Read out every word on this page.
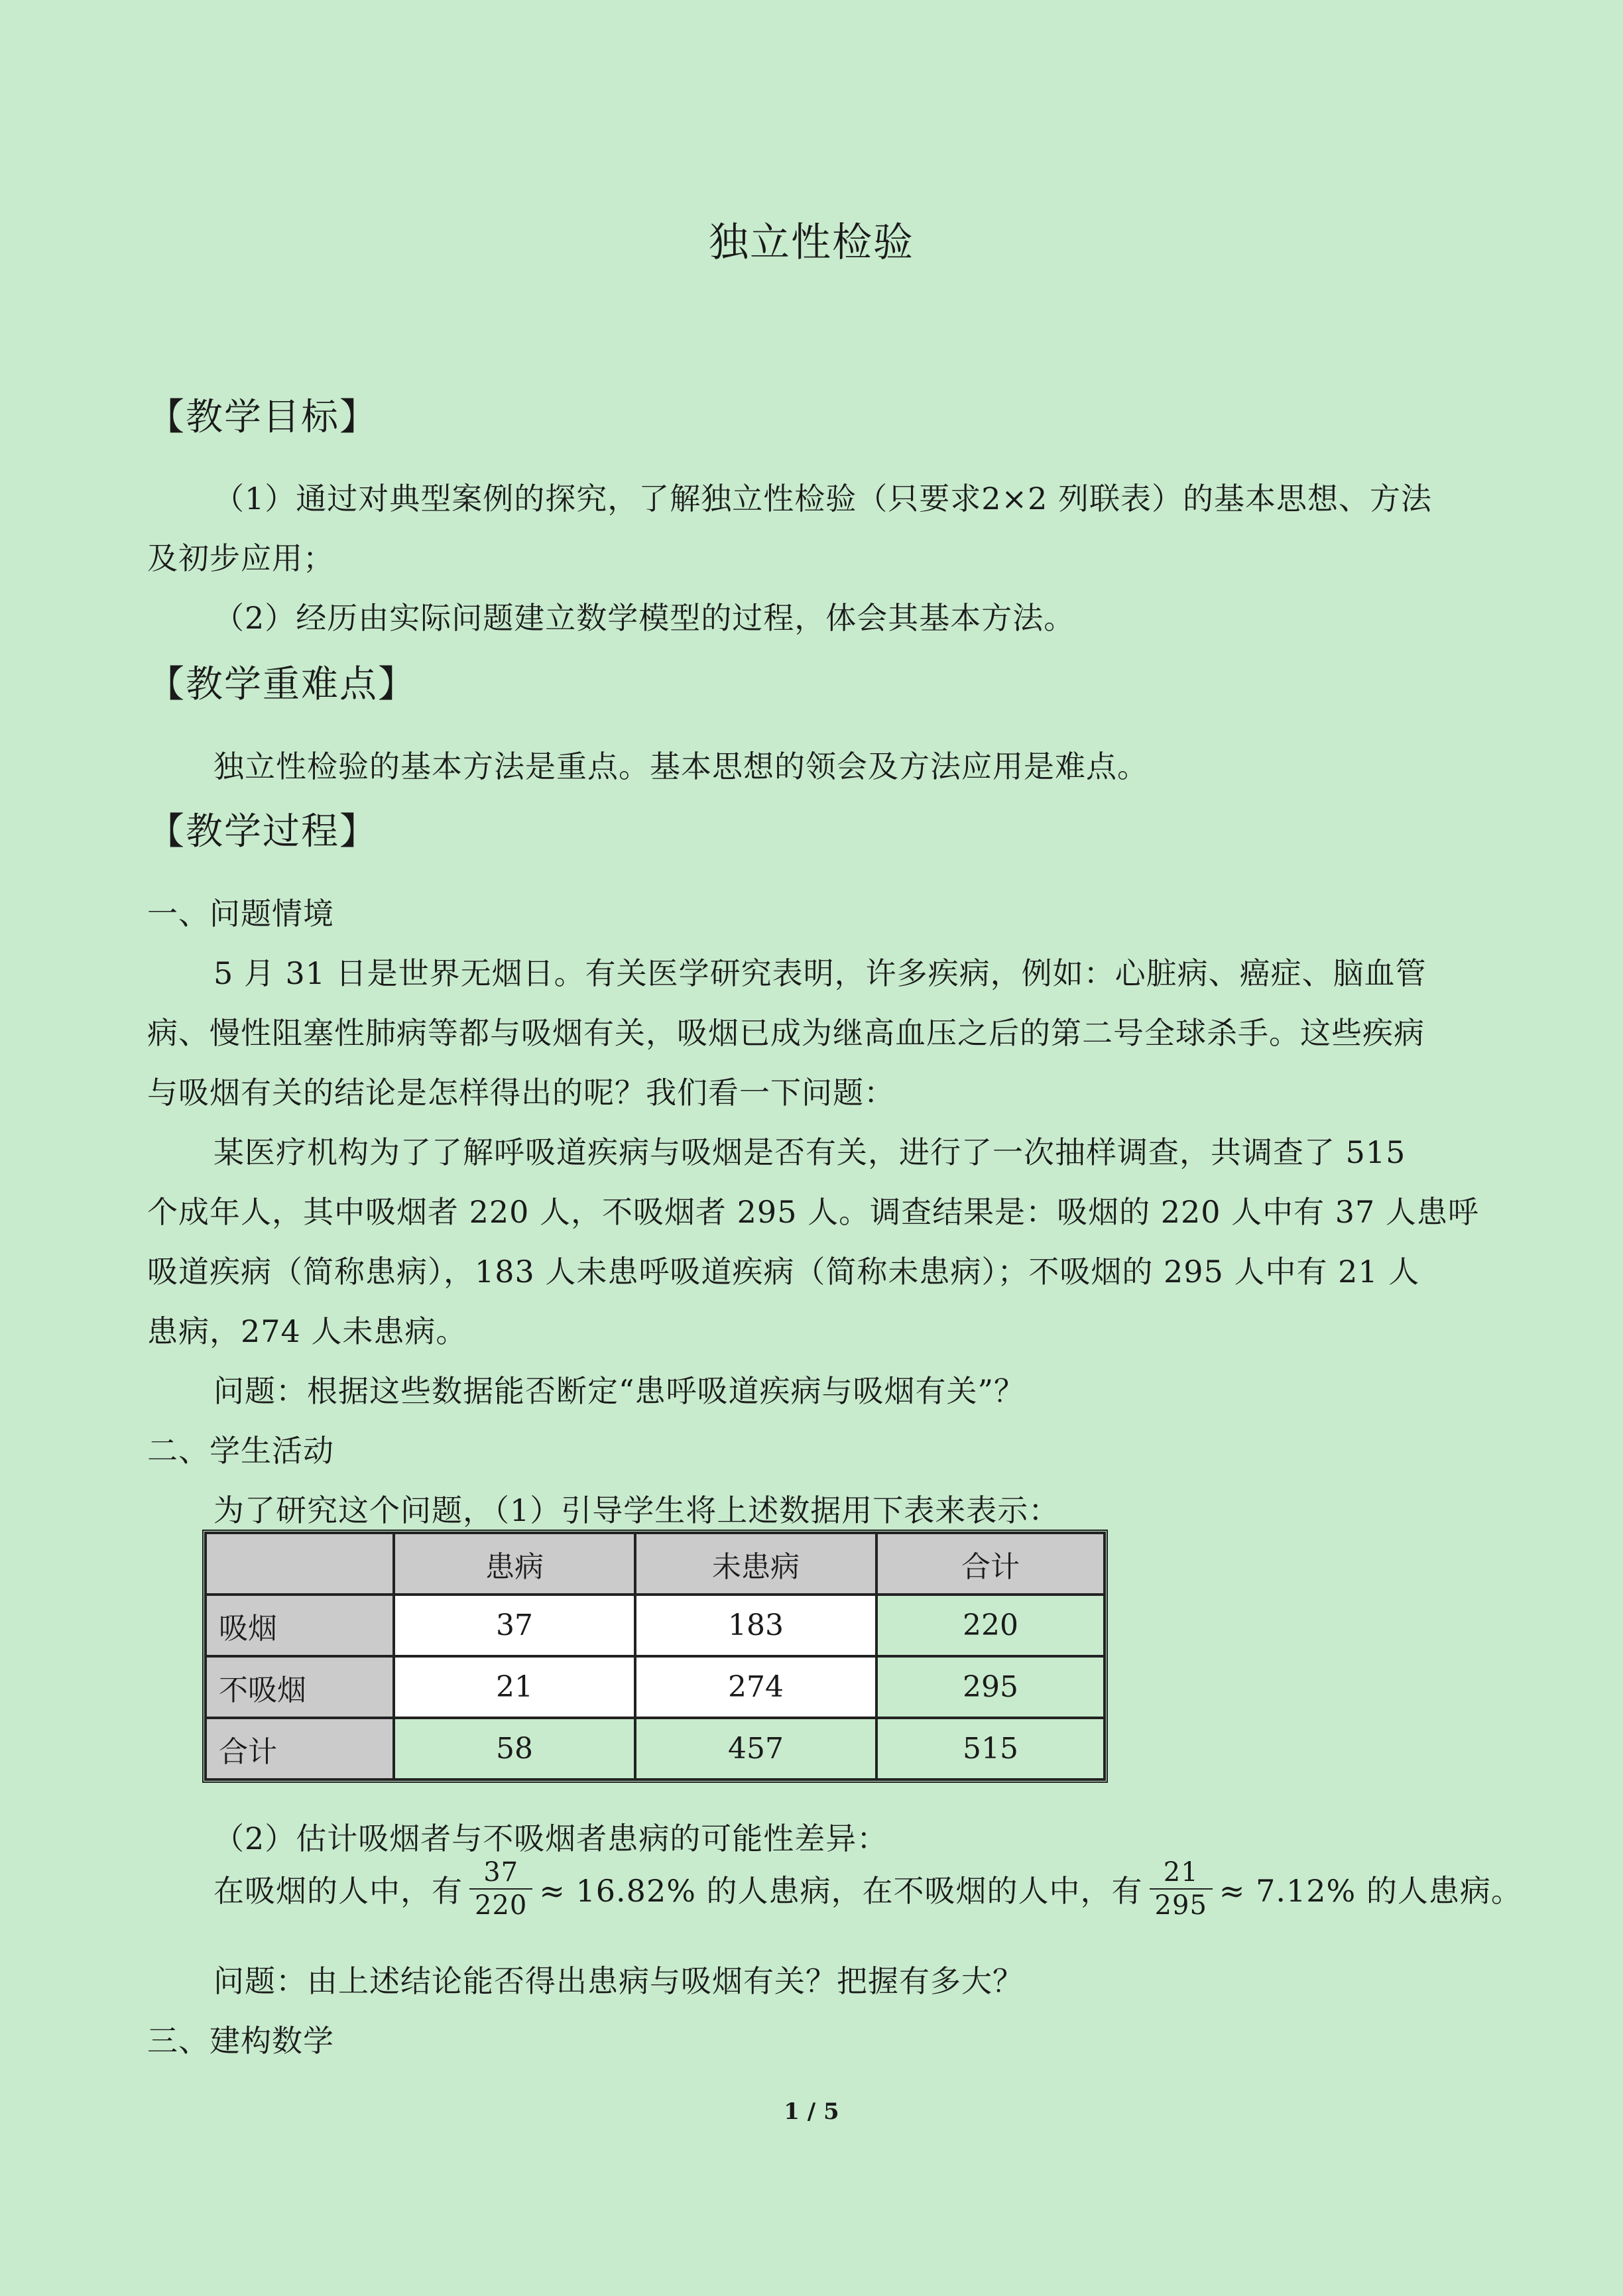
独立性检验
【教学目标】
（1）通过对典型案例的探究，了解独立性检验（只要求2×2 列联表）的基本思想、方法
及初步应用；
（2）经历由实际问题建立数学模型的过程，体会其基本方法。
【教学重难点】
独立性检验的基本方法是重点。基本思想的领会及方法应用是难点。
【教学过程】
一、问题情境
5 月 31 日是世界无烟日。有关医学研究表明，许多疾病，例如：心脏病、癌症、脑血管
病、慢性阻塞性肺病等都与吸烟有关，吸烟已成为继高血压之后的第二号全球杀手。这些疾病
与吸烟有关的结论是怎样得出的呢？我们看一下问题：
某医疗机构为了了解呼吸道疾病与吸烟是否有关，进行了一次抽样调查，共调查了 515
个成年人，其中吸烟者 220 人，不吸烟者 295 人。调查结果是：吸烟的 220 人中有 37 人患呼
吸道疾病（简称患病），183 人未患呼吸道疾病（简称未患病）；不吸烟的 295 人中有 21 人
患病，274 人未患病。
问题：根据这些数据能否断定“患呼吸道疾病与吸烟有关”？
二、学生活动
为了研究这个问题，（1）引导学生将上述数据用下表来表示：
	患病	未患病	合计
吸烟	37	183	220
不吸烟	21	274	295
合计	58	457	515
（2）估计吸烟者与不吸烟者患病的可能性差异：
在吸烟的人中，有 $\frac{37}{220} \approx 16.82\%$ 的人患病，在不吸烟的人中，有 $\frac{21}{295} \approx 7.12\%$ 的人患病。
问题：由上述结论能否得出患病与吸烟有关？把握有多大？
三、建构数学
1 / 5
